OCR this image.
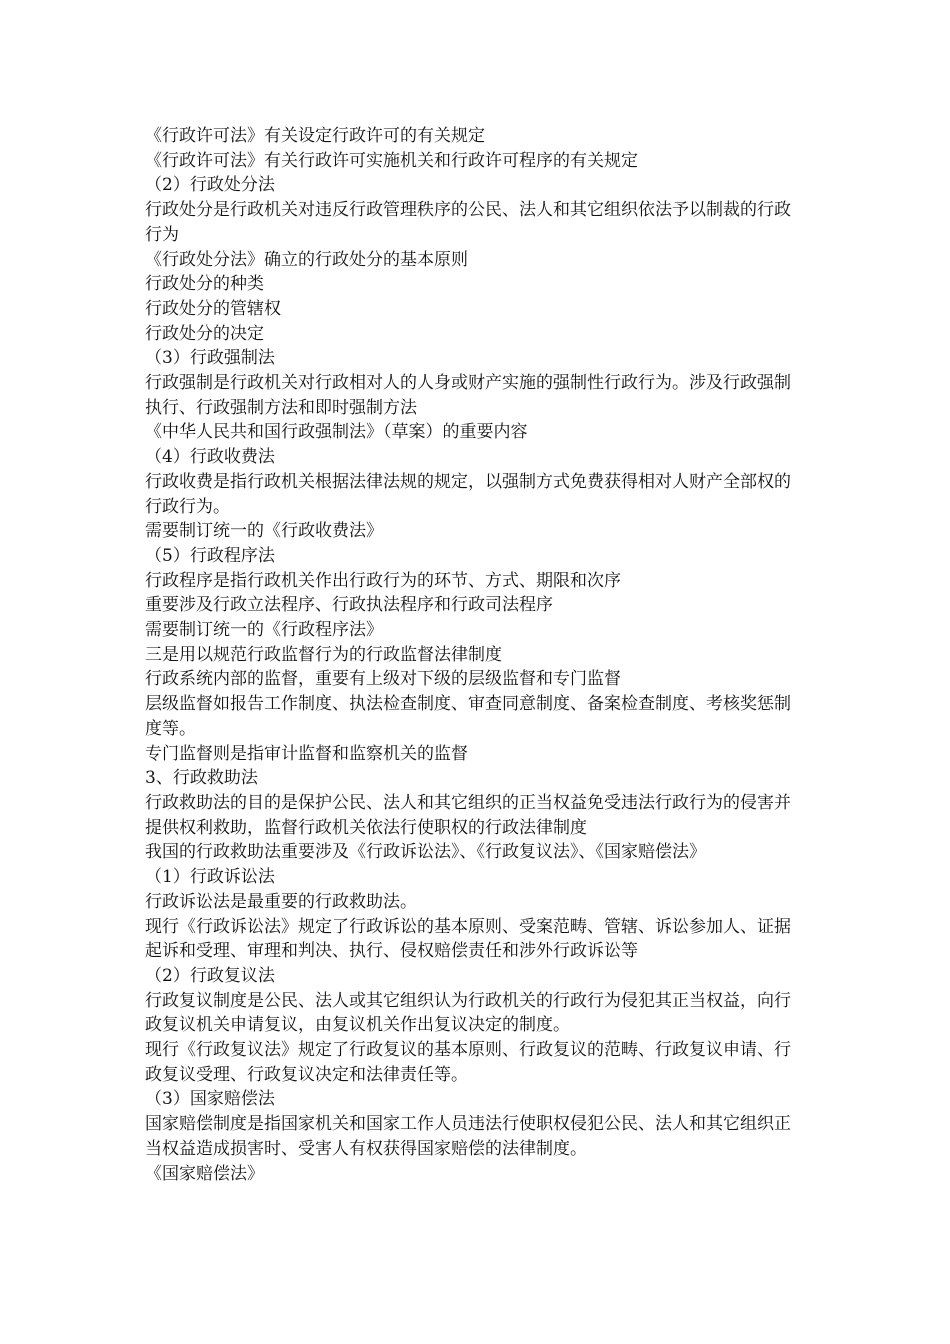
《行政许可法》有关设定行政许可的有关规定

《行政许可法》有关行政许可实施机关和行政许可程序的有关规定

（2）行政处分法

行政处分是行政机关对违反行政管理秩序的公民、法人和其它组织依法予以制裁的行政行为

《行政处分法》确立的行政处分的基本原则

行政处分的种类

行政处分的管辖权

行政处分的决定

（3）行政强制法

行政强制是行政机关对行政相对人的人身或财产实施的强制性行政行为。涉及行政强制执行、行政强制方法和即时强制方法

《中华人民共和国行政强制法》（草案）的重要内容

（4）行政收费法

行政收费是指行政机关根据法律法规的规定，以强制方式免费获得相对人财产全部权的行政行为。

需要制订统一的《行政收费法》

（5）行政程序法

行政程序是指行政机关作出行政行为的环节、方式、期限和次序

重要涉及行政立法程序、行政执法程序和行政司法程序

需要制订统一的《行政程序法》

三是用以规范行政监督行为的行政监督法律制度

行政系统内部的监督，重要有上级对下级的层级监督和专门监督

层级监督如报告工作制度、执法检查制度、审查同意制度、备案检查制度、考核奖惩制度等。

专门监督则是指审计监督和监察机关的监督

3、行政救助法

行政救助法的目的是保护公民、法人和其它组织的正当权益免受违法行政行为的侵害并提供权利救助，监督行政机关依法行使职权的行政法律制度

我国的行政救助法重要涉及《行政诉讼法》、《行政复议法》、《国家赔偿法》

（1）行政诉讼法

行政诉讼法是最重要的行政救助法。

现行《行政诉讼法》规定了行政诉讼的基本原则、受案范畴、管辖、诉讼参加人、证据起诉和受理、审理和判决、执行、侵权赔偿责任和涉外行政诉讼等

（2）行政复议法

行政复议制度是公民、法人或其它组织认为行政机关的行政行为侵犯其正当权益，向行政复议机关申请复议，由复议机关作出复议决定的制度。

现行《行政复议法》规定了行政复议的基本原则、行政复议的范畴、行政复议申请、行政复议受理、行政复议决定和法律责任等。

（3）国家赔偿法

国家赔偿制度是指国家机关和国家工作人员违法行使职权侵犯公民、法人和其它组织正当权益造成损害时、受害人有权获得国家赔偿的法律制度。

《国家赔偿法》
